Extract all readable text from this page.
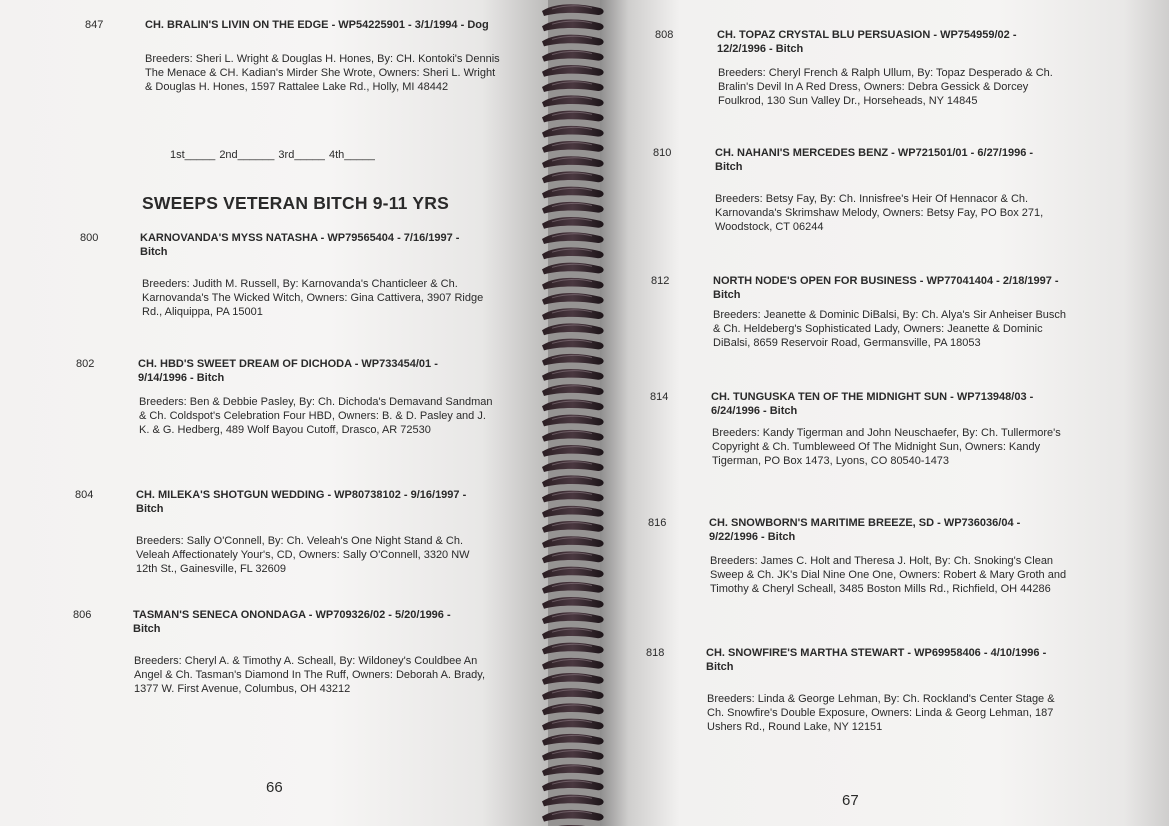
847	CH. BRALIN'S LIVIN ON THE EDGE - WP54225901 - 3/1/1994 - Dog
Breeders: Sheri L. Wright & Douglas H. Hones, By: CH. Kontoki's Dennis The Menace & CH. Kadian's Mirder She Wrote, Owners: Sheri L. Wright & Douglas H. Hones, 1597 Rattalee Lake Rd., Holly, MI 48442
1st_____ 2nd______ 3rd_____ 4th_____
SWEEPS VETERAN BITCH 9-11 YRS
800	KARNOVANDA'S MYSS NATASHA - WP79565404 - 7/16/1997 - Bitch
Breeders: Judith M. Russell, By: Karnovanda's Chanticleer & Ch. Karnovanda's The Wicked Witch, Owners: Gina Cattivera, 3907 Ridge Rd., Aliquippa, PA 15001
802	CH. HBD'S SWEET DREAM OF DICHODA - WP733454/01 - 9/14/1996 - Bitch
Breeders: Ben & Debbie Pasley, By: Ch. Dichoda's Demavand Sandman & Ch. Coldspot's Celebration Four HBD, Owners: B. & D. Pasley and J. K. & G. Hedberg, 489 Wolf Bayou Cutoff, Drasco, AR 72530
804	CH. MILEKA'S SHOTGUN WEDDING - WP80738102 - 9/16/1997 - Bitch
Breeders: Sally O'Connell, By: Ch. Veleah's One Night Stand & Ch. Veleah Affectionately Your's, CD, Owners: Sally O'Connell, 3320 NW 12th St., Gainesville, FL 32609
806	TASMAN'S SENECA ONONDAGA - WP709326/02 - 5/20/1996 - Bitch
Breeders: Cheryl A. & Timothy A. Scheall, By: Wildoney's Couldbee An Angel & Ch. Tasman's Diamond In The Ruff, Owners: Deborah A. Brady, 1377 W. First Avenue, Columbus, OH 43212
66
808	CH. TOPAZ CRYSTAL BLU PERSUASION - WP754959/02 - 12/2/1996 - Bitch
Breeders: Cheryl French & Ralph Ullum, By: Topaz Desperado & Ch. Bralin's Devil In A Red Dress, Owners: Debra Gessick & Dorcey Foulkrod, 130 Sun Valley Dr., Horseheads, NY 14845
810	CH. NAHANI'S MERCEDES BENZ - WP721501/01 - 6/27/1996 - Bitch
Breeders: Betsy Fay, By: Ch. Innisfree's Heir Of Hennacor & Ch. Karnovanda's Skrimshaw Melody, Owners: Betsy Fay, PO Box 271, Woodstock, CT 06244
812	NORTH NODE'S OPEN FOR BUSINESS - WP77041404 - 2/18/1997 - Bitch
Breeders: Jeanette & Dominic DiBalsi, By: Ch. Alya's Sir Anheiser Busch & Ch. Heldeberg's Sophisticated Lady, Owners: Jeanette & Dominic DiBalsi, 8659 Reservoir Road, Germansville, PA 18053
814	CH. TUNGUSKA TEN OF THE MIDNIGHT SUN - WP713948/03 - 6/24/1996 - Bitch
Breeders: Kandy Tigerman and John Neuschaefer, By: Ch. Tullermore's Copyright & Ch. Tumbleweed Of The Midnight Sun, Owners: Kandy Tigerman, PO Box 1473, Lyons, CO 80540-1473
816	CH. SNOWBORN'S MARITIME BREEZE, SD - WP736036/04 - 9/22/1996 - Bitch
Breeders: James C. Holt and Theresa J. Holt, By: Ch. Snoking's Clean Sweep & Ch. JK's Dial Nine One One, Owners: Robert & Mary Groth and Timothy & Cheryl Scheall, 3485 Boston Mills Rd., Richfield, OH 44286
818	CH. SNOWFIRE'S MARTHA STEWART - WP69958406 - 4/10/1996 - Bitch
Breeders: Linda & George Lehman, By: Ch. Rockland's Center Stage & Ch. Snowfire's Double Exposure, Owners: Linda & Georg Lehman, 187 Ushers Rd., Round Lake, NY 12151
67
